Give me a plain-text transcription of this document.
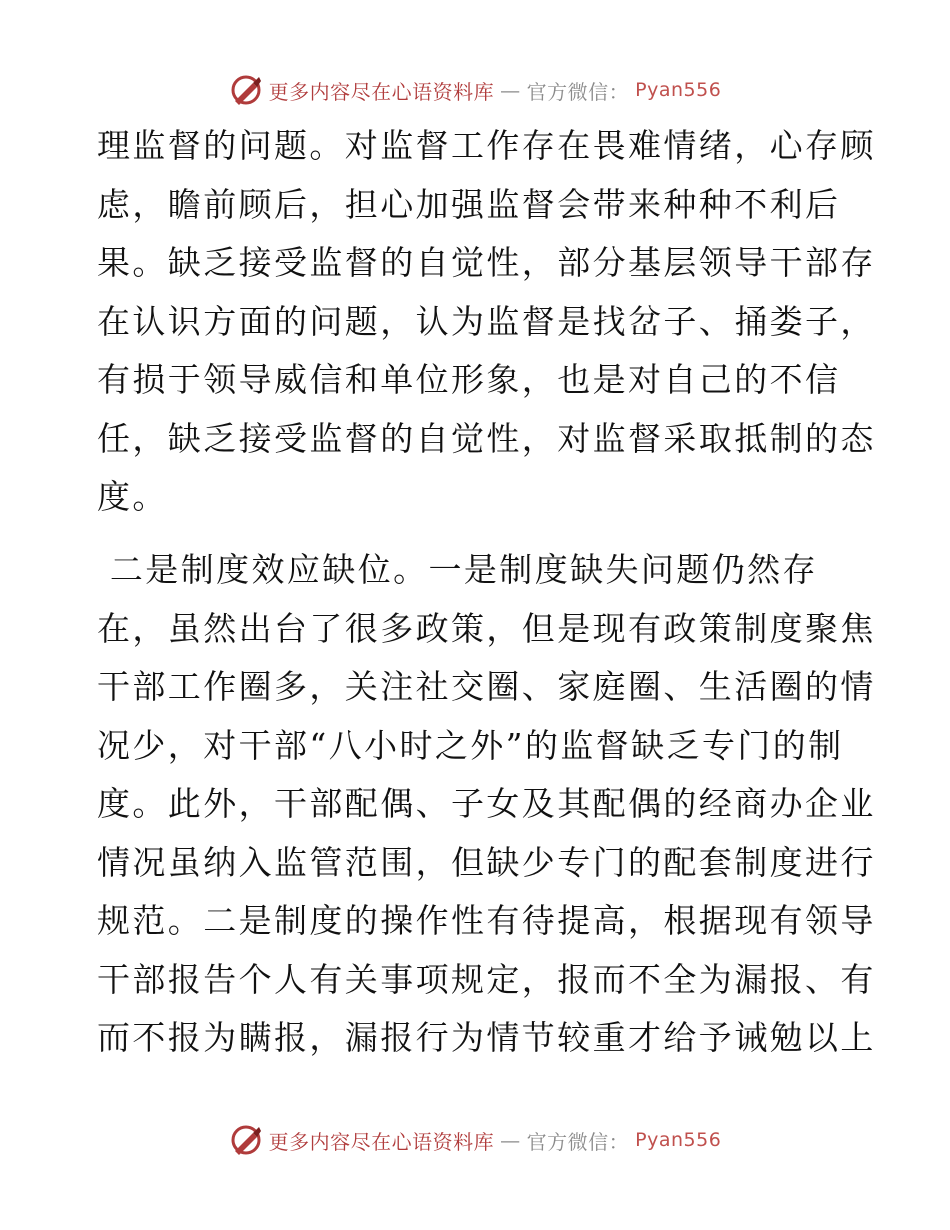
更多内容尽在心语资料库 — 官方微信： Pyan556
理监督的问题。对监督工作存在畏难情绪，心存顾
虑，瞻前顾后，担心加强监督会带来种种不利后
果。缺乏接受监督的自觉性，部分基层领导干部存
在认识方面的问题，认为监督是找岔子、捅娄子，
有损于领导威信和单位形象，也是对自己的不信
任，缺乏接受监督的自觉性，对监督采取抵制的态
度。
二是制度效应缺位。一是制度缺失问题仍然存
在，虽然出台了很多政策，但是现有政策制度聚焦
干部工作圈多，关注社交圈、家庭圈、生活圈的情
况少，对干部“八小时之外”的监督缺乏专门的制
度。此外，干部配偶、子女及其配偶的经商办企业
情况虽纳入监管范围，但缺少专门的配套制度进行
规范。二是制度的操作性有待提高，根据现有领导
干部报告个人有关事项规定，报而不全为漏报、有
而不报为瞒报，漏报行为情节较重才给予诫勉以上
更多内容尽在心语资料库 — 官方微信： Pyan556
